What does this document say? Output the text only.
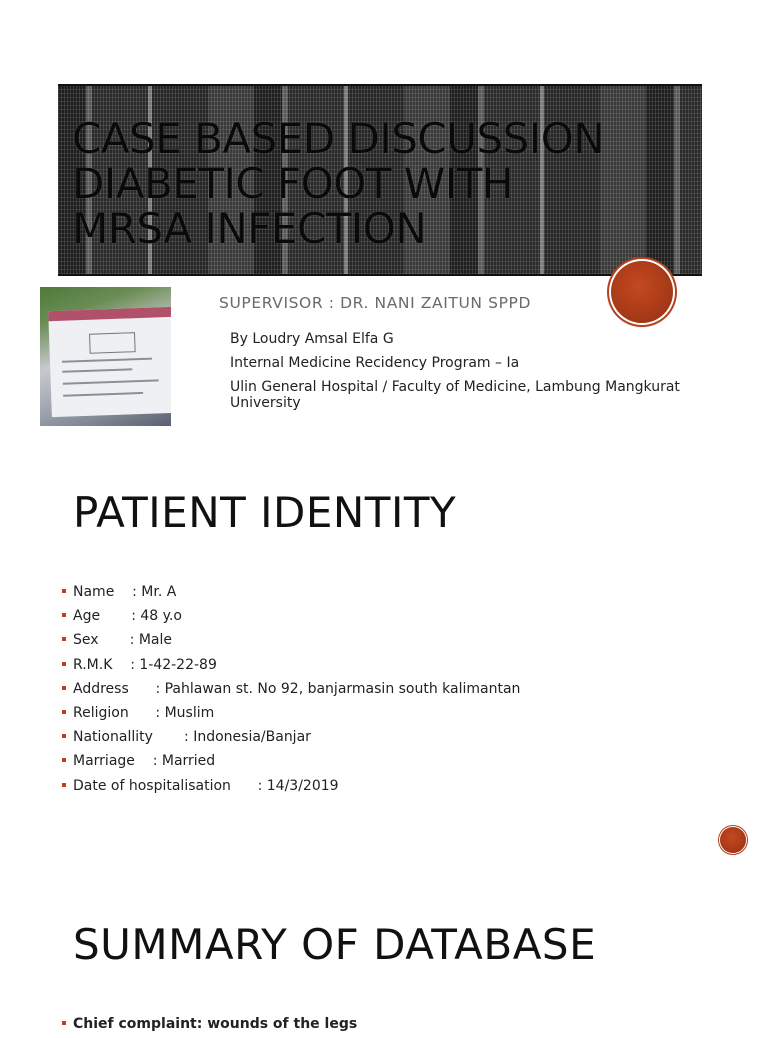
CASE BASED DISCUSSION
DIABETIC FOOT WITH
MRSA INFECTION
SUPERVISOR : DR. NANI ZAITUN SPPD
By Loudry Amsal Elfa G
Internal Medicine Recidency Program – Ia
Ulin General Hospital / Faculty of Medicine, Lambung Mangkurat University
PATIENT IDENTITY
Name    : Mr. A
Age       : 48 y.o
Sex       : Male
R.M.K    : 1-42-22-89
Address      : Pahlawan st. No 92, banjarmasin south kalimantan
Religion      : Muslim
Nationallity       : Indonesia/Banjar
Marriage    : Married
Date of hospitalisation      : 14/3/2019
SUMMARY OF DATABASE
Chief complaint: wounds of the legs
